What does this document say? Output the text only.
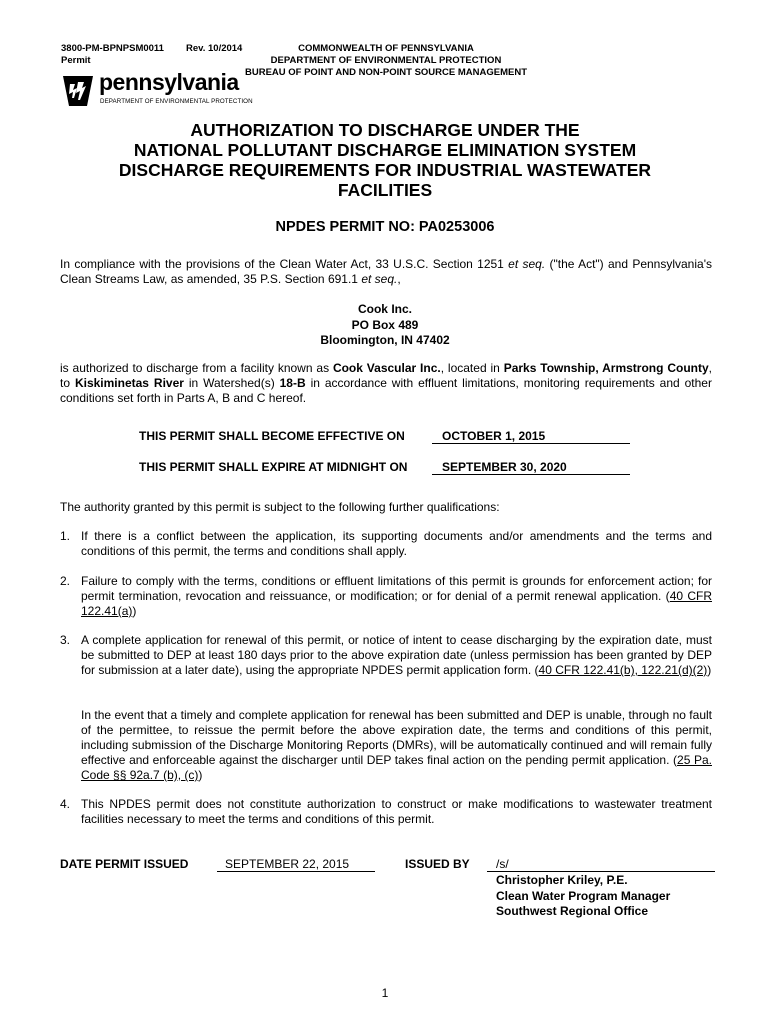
3800-PM-BPNPSM0011 Rev. 10/2014
Permit
COMMONWEALTH OF PENNSYLVANIA
DEPARTMENT OF ENVIRONMENTAL PROTECTION
BUREAU OF POINT AND NON-POINT SOURCE MANAGEMENT
pennsylvania
DEPARTMENT OF ENVIRONMENTAL PROTECTION
AUTHORIZATION TO DISCHARGE UNDER THE
NATIONAL POLLUTANT DISCHARGE ELIMINATION SYSTEM
DISCHARGE REQUIREMENTS FOR INDUSTRIAL WASTEWATER
FACILITIES
NPDES PERMIT NO: PA0253006
In compliance with the provisions of the Clean Water Act, 33 U.S.C. Section 1251 et seq. ("the Act") and Pennsylvania's Clean Streams Law, as amended, 35 P.S. Section 691.1 et seq.,
Cook Inc.
PO Box 489
Bloomington, IN 47402
is authorized to discharge from a facility known as Cook Vascular Inc., located in Parks Township, Armstrong County, to Kiskiminetas River in Watershed(s) 18-B in accordance with effluent limitations, monitoring requirements and other conditions set forth in Parts A, B and C hereof.
THIS PERMIT SHALL BECOME EFFECTIVE ON	OCTOBER 1, 2015
THIS PERMIT SHALL EXPIRE AT MIDNIGHT ON	SEPTEMBER 30, 2020
The authority granted by this permit is subject to the following further qualifications:
1. If there is a conflict between the application, its supporting documents and/or amendments and the terms and conditions of this permit, the terms and conditions shall apply.
2. Failure to comply with the terms, conditions or effluent limitations of this permit is grounds for enforcement action; for permit termination, revocation and reissuance, or modification; or for denial of a permit renewal application. (40 CFR 122.41(a))
3. A complete application for renewal of this permit, or notice of intent to cease discharging by the expiration date, must be submitted to DEP at least 180 days prior to the above expiration date (unless permission has been granted by DEP for submission at a later date), using the appropriate NPDES permit application form. (40 CFR 122.41(b), 122.21(d)(2))
In the event that a timely and complete application for renewal has been submitted and DEP is unable, through no fault of the permittee, to reissue the permit before the above expiration date, the terms and conditions of this permit, including submission of the Discharge Monitoring Reports (DMRs), will be automatically continued and will remain fully effective and enforceable against the discharger until DEP takes final action on the pending permit application. (25 Pa. Code §§ 92a.7 (b), (c))
4. This NPDES permit does not constitute authorization to construct or make modifications to wastewater treatment facilities necessary to meet the terms and conditions of this permit.
DATE PERMIT ISSUED	SEPTEMBER 22, 2015	ISSUED BY	/s/
Christopher Kriley, P.E.
Clean Water Program Manager
Southwest Regional Office
1
